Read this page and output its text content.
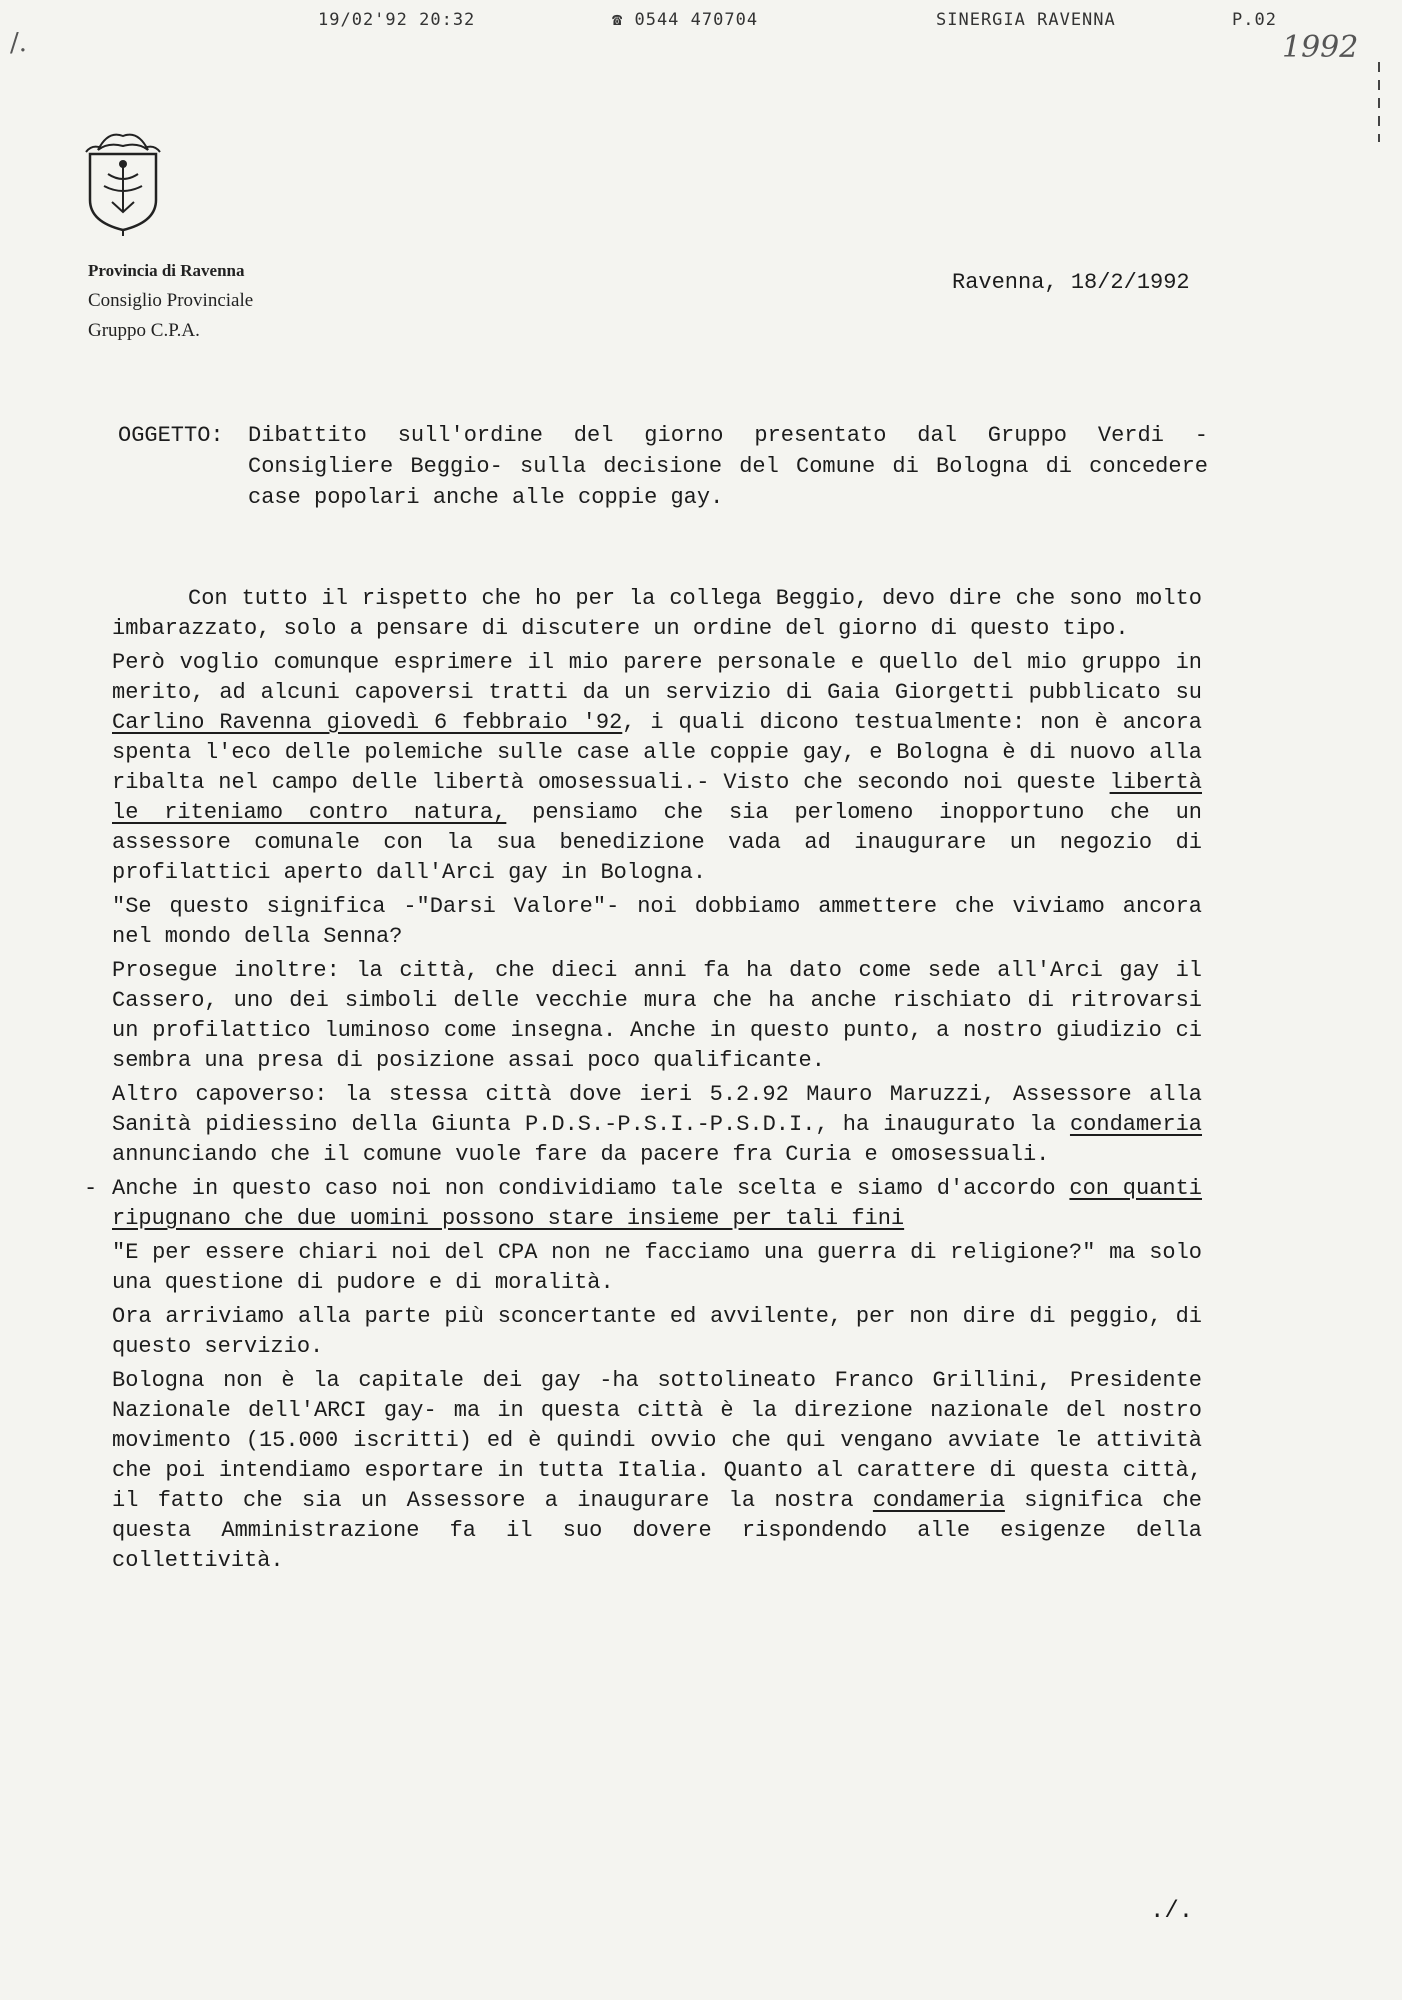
19/02'92 20:32	☎ 0544 470704	SINERGIA RAVENNA	P.02
/.	1992
Provincia di Ravenna
Consiglio Provinciale
Gruppo C.P.A.
Ravenna, 18/2/1992
OGGETTO: Dibattito sull'ordine del giorno presentato dal Gruppo Verdi -Consigliere Beggio- sulla decisione del Comune di Bologna di concedere case popolari anche alle coppie gay.

Con tutto il rispetto che ho per la collega Beggio, devo dire che sono molto imbarazzato, solo a pensare di discutere un ordine del giorno di questo tipo.

Però voglio comunque esprimere il mio parere personale e quello del mio gruppo in merito, ad alcuni capoversi tratti da un servizio di Gaia Giorgetti pubblicato su Carlino Ravenna giovedì 6 febbraio '92, i quali dicono testualmente: non è ancora spenta l'eco delle polemiche sulle case alle coppie gay, e Bologna è di nuovo alla ribalta nel campo delle libertà omosessuali.- Visto che secondo noi queste libertà le riteniamo contro natura, pensiamo che sia perlomeno inopportuno che un assessore comunale con la sua benedizione vada ad inaugurare un negozio di profilattici aperto dall'Arci gay in Bologna.

"Se questo significa -"Darsi Valore"- noi dobbiamo ammettere che viviamo ancora nel mondo della Senna?

Prosegue inoltre: la città, che dieci anni fa ha dato come sede all'Arci gay il Cassero, uno dei simboli delle vecchie mura che ha anche rischiato di ritrovarsi un profilattico luminoso come insegna. Anche in questo punto, a nostro giudizio ci sembra una presa di posizione assai poco qualificante.

Altro capoverso: la stessa città dove ieri 5.2.92 Mauro Maruzzi, Assessore alla Sanità pidiessino della Giunta P.D.S.-P.S.I.-P.S.D.I., ha inaugurato la condameria annunciando che il comune vuole fare da pacere fra Curia e omosessuali.

- Anche in questo caso noi non condividiamo tale scelta e siamo d'accordo con quanti ripugnano che due uomini possono stare insieme per tali fini

"E per essere chiari noi del CPA non ne facciamo una guerra di religione?" ma solo una questione di pudore e di moralità.

Ora arriviamo alla parte più sconcertante ed avvilente, per non dire di peggio, di questo servizio.

Bologna non è la capitale dei gay -ha sottolineato Franco Grillini, Presidente Nazionale dell'ARCI gay- ma in questa città è la direzione nazionale del nostro movimento (15.000 iscritti) ed è quindi ovvio che qui vengano avviate le attività che poi intendiamo esportare in tutta Italia. Quanto al carattere di questa città, il fatto che sia un Assessore a inaugurare la nostra condameria significa che questa Amministrazione fa il suo dovere rispondendo alle esigenze della collettività.

./.
